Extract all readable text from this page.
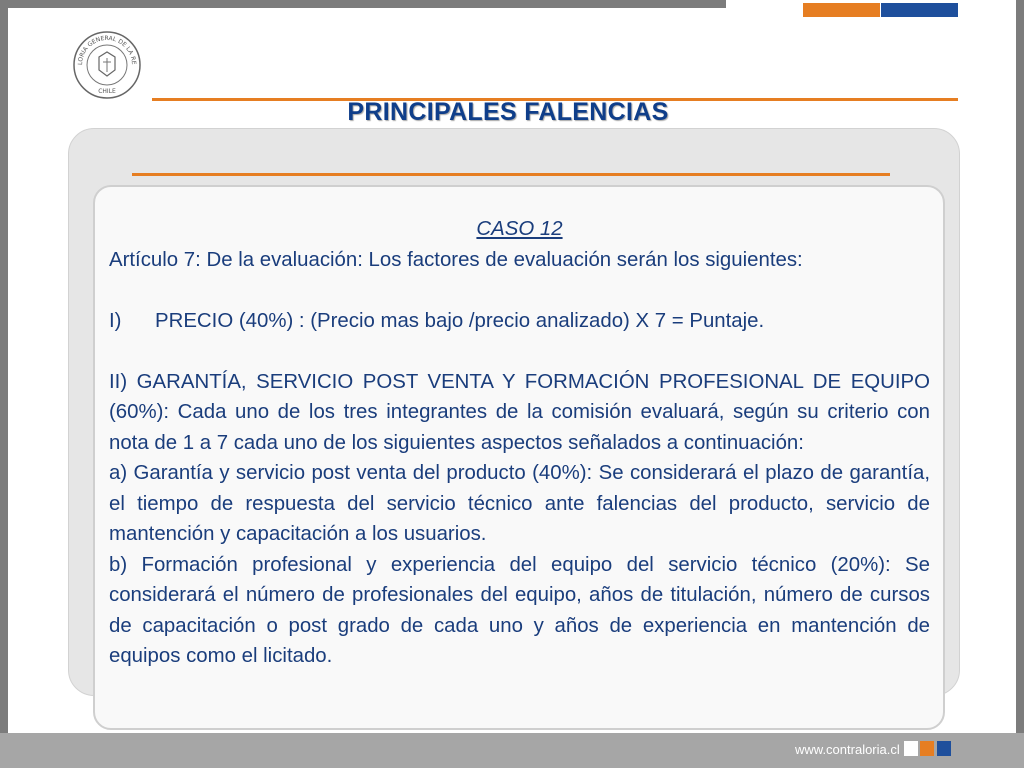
LORIA GENERAL DE LA RE
CHILE
PRINCIPALES FALENCIAS

CASO 12

Artículo 7: De la evaluación: Los factores de evaluación serán los siguientes:

I) PRECIO (40%) : (Precio mas bajo /precio analizado) X 7 = Puntaje.

II) GARANTÍA, SERVICIO POST VENTA Y FORMACIÓN PROFESIONAL DE EQUIPO (60%): Cada uno de los tres integrantes de la comisión evaluará, según su criterio con nota de 1 a 7 cada uno de los siguientes aspectos señalados a continuación:

a) Garantía y servicio post venta del producto (40%): Se considerará el plazo de garantía, el tiempo de respuesta del servicio técnico ante falencias del producto, servicio de mantención y capacitación a los usuarios.

b) Formación profesional y experiencia del equipo del servicio técnico (20%): Se considerará el número de profesionales del equipo, años de titulación, número de cursos de capacitación o post grado de cada uno y años de experiencia en mantención de equipos como el licitado.

www.contraloria.cl
